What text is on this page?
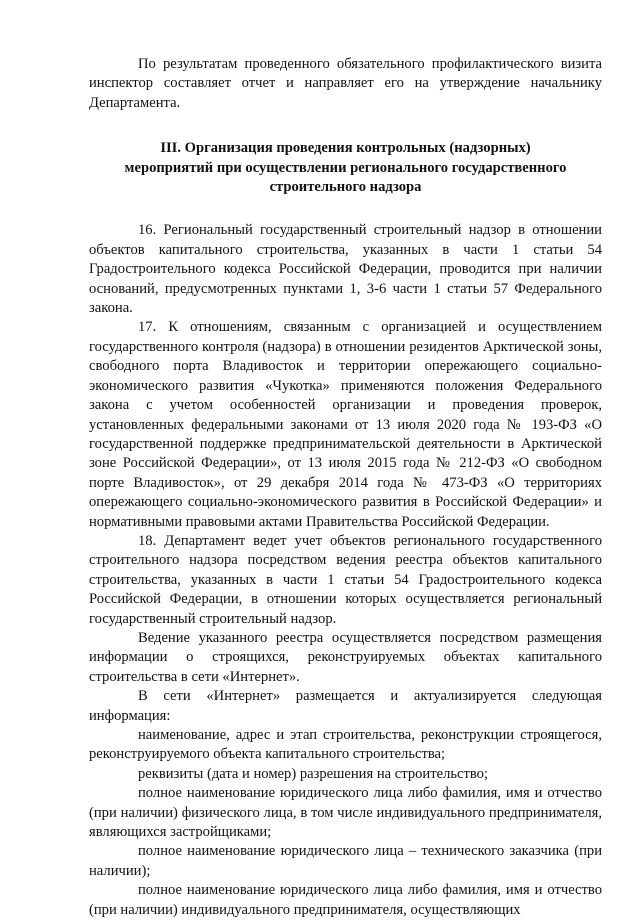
По результатам проведенного обязательного профилактического визита инспектор составляет отчет и направляет его на утверждение начальнику Департамента.

III. Организация проведения контрольных (надзорных)
мероприятий при осуществлении регионального государственного
строительного надзора

16. Региональный государственный строительный надзор в отношении объектов капитального строительства, указанных в части 1 статьи 54 Градостроительного кодекса Российской Федерации, проводится при наличии оснований, предусмотренных пунктами 1, 3-6 части 1 статьи 57 Федерального закона.

17. К отношениям, связанным с организацией и осуществлением государственного контроля (надзора) в отношении резидентов Арктической зоны, свободного порта Владивосток и территории опережающего социально-экономического развития «Чукотка» применяются положения Федерального закона с учетом особенностей организации и проведения проверок, установленных федеральными законами от 13 июля 2020 года № 193-ФЗ «О государственной поддержке предпринимательской деятельности в Арктической зоне Российской Федерации», от 13 июля 2015 года № 212-ФЗ «О свободном порте Владивосток», от 29 декабря 2014 года № 473-ФЗ «О территориях опережающего социально-экономического развития в Российской Федерации» и нормативными правовыми актами Правительства Российской Федерации.

18. Департамент ведет учет объектов регионального государственного строительного надзора посредством ведения реестра объектов капитального строительства, указанных в части 1 статьи 54 Градостроительного кодекса Российской Федерации, в отношении которых осуществляется региональный государственный строительный надзор.

Ведение указанного реестра осуществляется посредством размещения информации о строящихся, реконструируемых объектах капитального строительства в сети «Интернет».

В сети «Интернет» размещается и актуализируется следующая информация:

наименование, адрес и этап строительства, реконструкции строящегося, реконструируемого объекта капитального строительства;

реквизиты (дата и номер) разрешения на строительство;

полное наименование юридического лица либо фамилия, имя и отчество (при наличии) физического лица, в том числе индивидуального предпринимателя, являющихся застройщиками;

полное наименование юридического лица – технического заказчика (при наличии);

полное наименование юридического лица либо фамилия, имя и отчество (при наличии) индивидуального предпринимателя, осуществляющих
